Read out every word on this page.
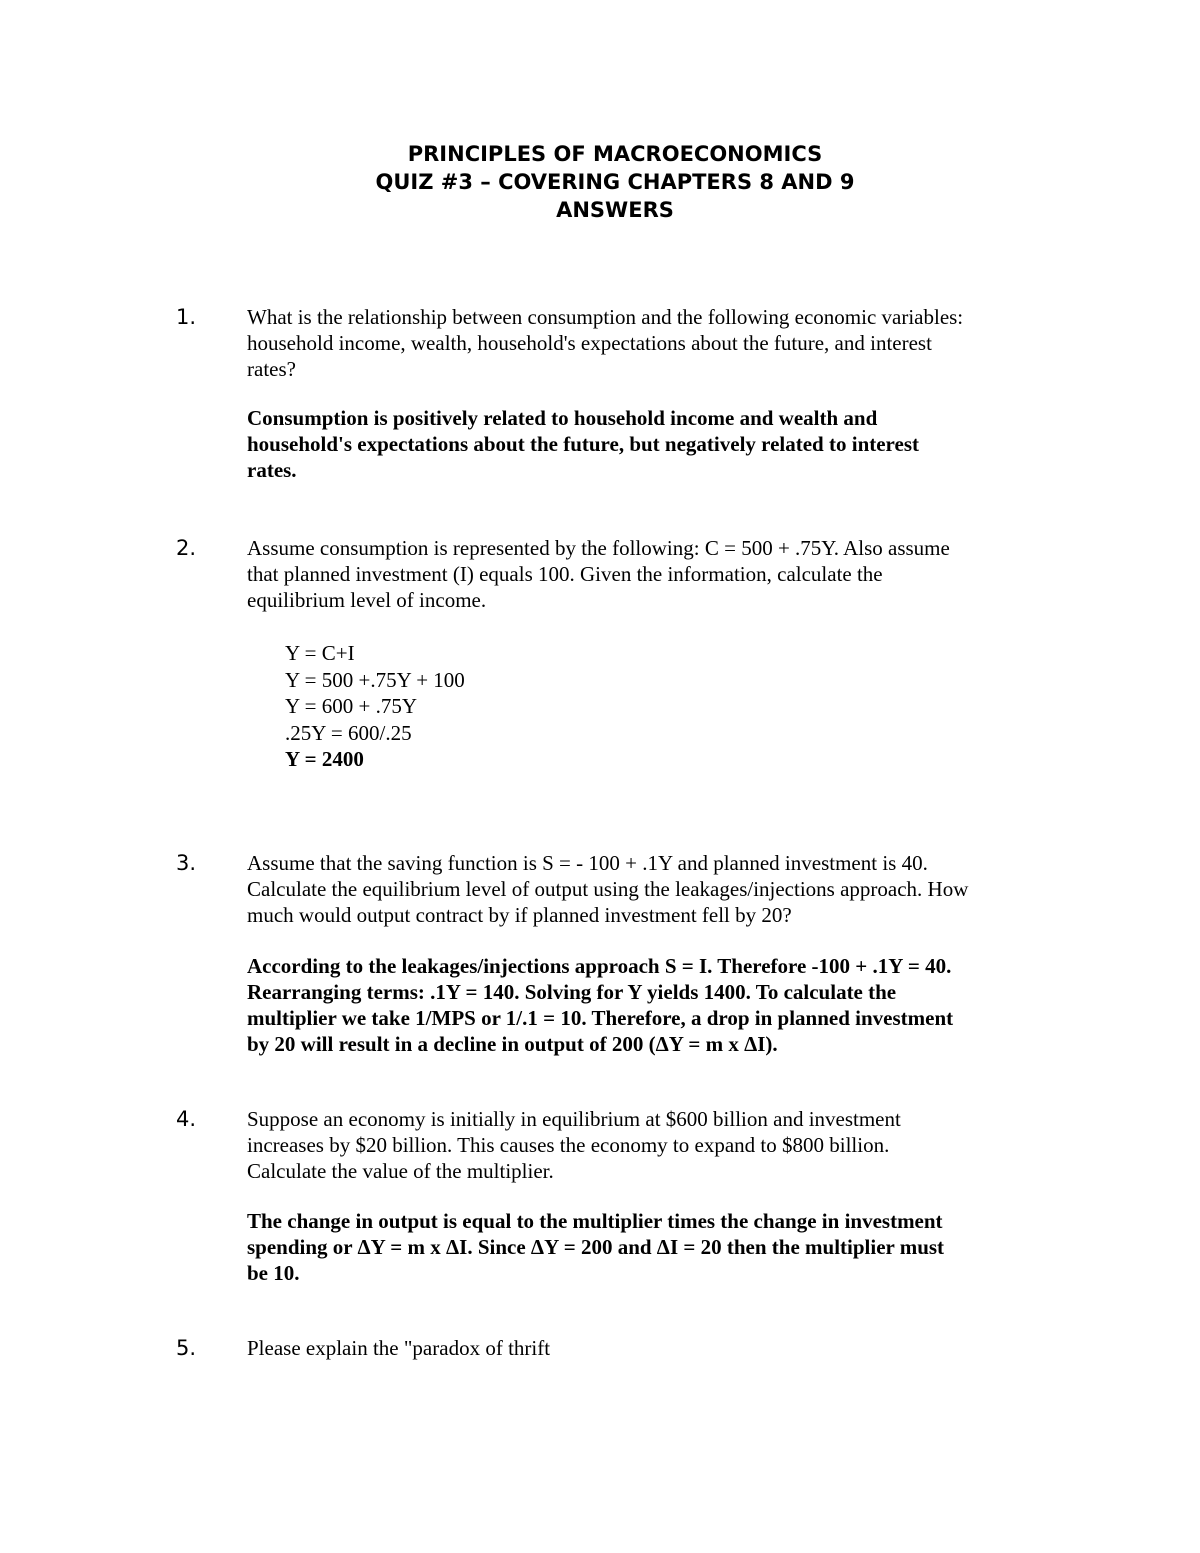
PRINCIPLES OF MACROECONOMICS
QUIZ #3 – COVERING CHAPTERS 8 AND 9
ANSWERS
1. What is the relationship between consumption and the following economic variables:
household income, wealth, household's expectations about the future, and interest
rates?
Consumption is positively related to household income and wealth and
household's expectations about the future, but negatively related to interest
rates.
2. Assume consumption is represented by the following: C = 500 + .75Y. Also assume
that planned investment (I) equals 100. Given the information, calculate the
equilibrium level of income.
Y = C+I
Y = 500 +.75Y + 100
Y = 600 + .75Y
.25Y = 600/.25
Y = 2400
3. Assume that the saving function is S = - 100 + .1Y and planned investment is 40.
Calculate the equilibrium level of output using the leakages/injections approach. How
much would output contract by if planned investment fell by 20?
According to the leakages/injections approach S = I. Therefore -100 + .1Y = 40.
Rearranging terms: .1Y = 140. Solving for Y yields 1400. To calculate the
multiplier we take 1/MPS or 1/.1 = 10. Therefore, a drop in planned investment
by 20 will result in a decline in output of 200 (ΔY = m x ΔI).
4. Suppose an economy is initially in equilibrium at $600 billion and investment
increases by $20 billion. This causes the economy to expand to $800 billion.
Calculate the value of the multiplier.
The change in output is equal to the multiplier times the change in investment
spending or ΔY = m x ΔI. Since ΔY = 200 and ΔI = 20 then the multiplier must
be 10.
5. Please explain the "paradox of thrift
